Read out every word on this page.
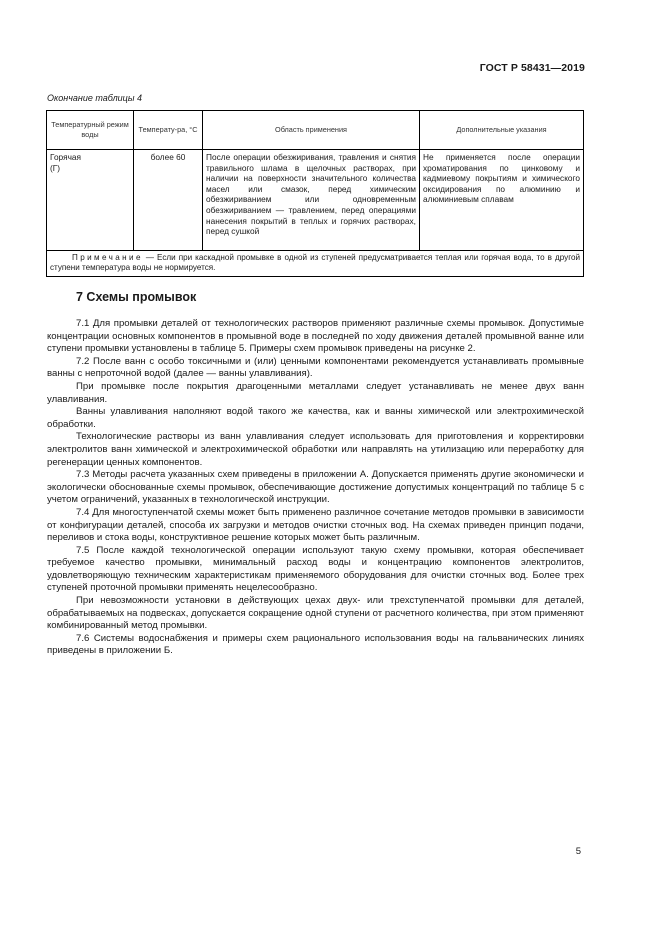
ГОСТ Р 58431—2019
Окончание таблицы 4
Температурный режим воды	Температу-ра, °С	Область применения	Дополнительные указания

Горячая
(Г)	более 60	После операции обезжиривания, травления и снятия травильного шлама в щелочных растворах, при наличии на поверхности значительного количества масел или смазок, перед химическим обезжириванием или одновременным обезжириванием — травлением, перед операциями нанесения покрытий в теплых и горячих растворах, перед сушкой	Не применяется после операции хроматирования по цинковому и кадмиевому покрытиям и химического оксидирования по алюминию и алюминиевым сплавам
Примечание — Если при каскадной промывке в одной из ступеней предусматривается теплая или горячая вода, то в другой ступени температура воды не нормируется.			
7 Схемы промывок

7.1 Для промывки деталей от технологических растворов применяют различные схемы промывок. Допустимые концентрации основных компонентов в промывной воде в последней по ходу движения деталей промывной ванне или ступени промывки установлены в таблице 5. Примеры схем промывок приведены на рисунке 2.

7.2 После ванн с особо токсичными и (или) ценными компонентами рекомендуется устанавливать промывные ванны с непроточной водой (далее — ванны улавливания).

При промывке после покрытия драгоценными металлами следует устанавливать не менее двух ванн улавливания.

Ванны улавливания наполняют водой такого же качества, как и ванны химической или электрохимической обработки.

Технологические растворы из ванн улавливания следует использовать для приготовления и корректировки электролитов ванн химической и электрохимической обработки или направлять на утилизацию или переработку для регенерации ценных компонентов.

7.3 Методы расчета указанных схем приведены в приложении А. Допускается применять другие экономически и экологически обоснованные схемы промывок, обеспечивающие достижение допустимых концентраций по таблице 5 с учетом ограничений, указанных в технологической инструкции.

7.4 Для многоступенчатой схемы может быть применено различное сочетание методов промывки в зависимости от конфигурации деталей, способа их загрузки и методов очистки сточных вод. На схемах приведен принцип подачи, переливов и стока воды, конструктивное решение которых может быть различным.

7.5 После каждой технологической операции используют такую схему промывки, которая обеспечивает требуемое качество промывки, минимальный расход воды и концентрацию компонентов электролитов, удовлетворяющую техническим характеристикам применяемого оборудования для очистки сточных вод. Более трех ступеней проточной промывки применять нецелесообразно.

При невозможности установки в действующих цехах двух- или трехступенчатой промывки для деталей, обрабатываемых на подвесках, допускается сокращение одной ступени от расчетного количества, при этом применяют комбинированный метод промывки.

7.6 Системы водоснабжения и примеры схем рационального использования воды на гальванических линиях приведены в приложении Б.

5
